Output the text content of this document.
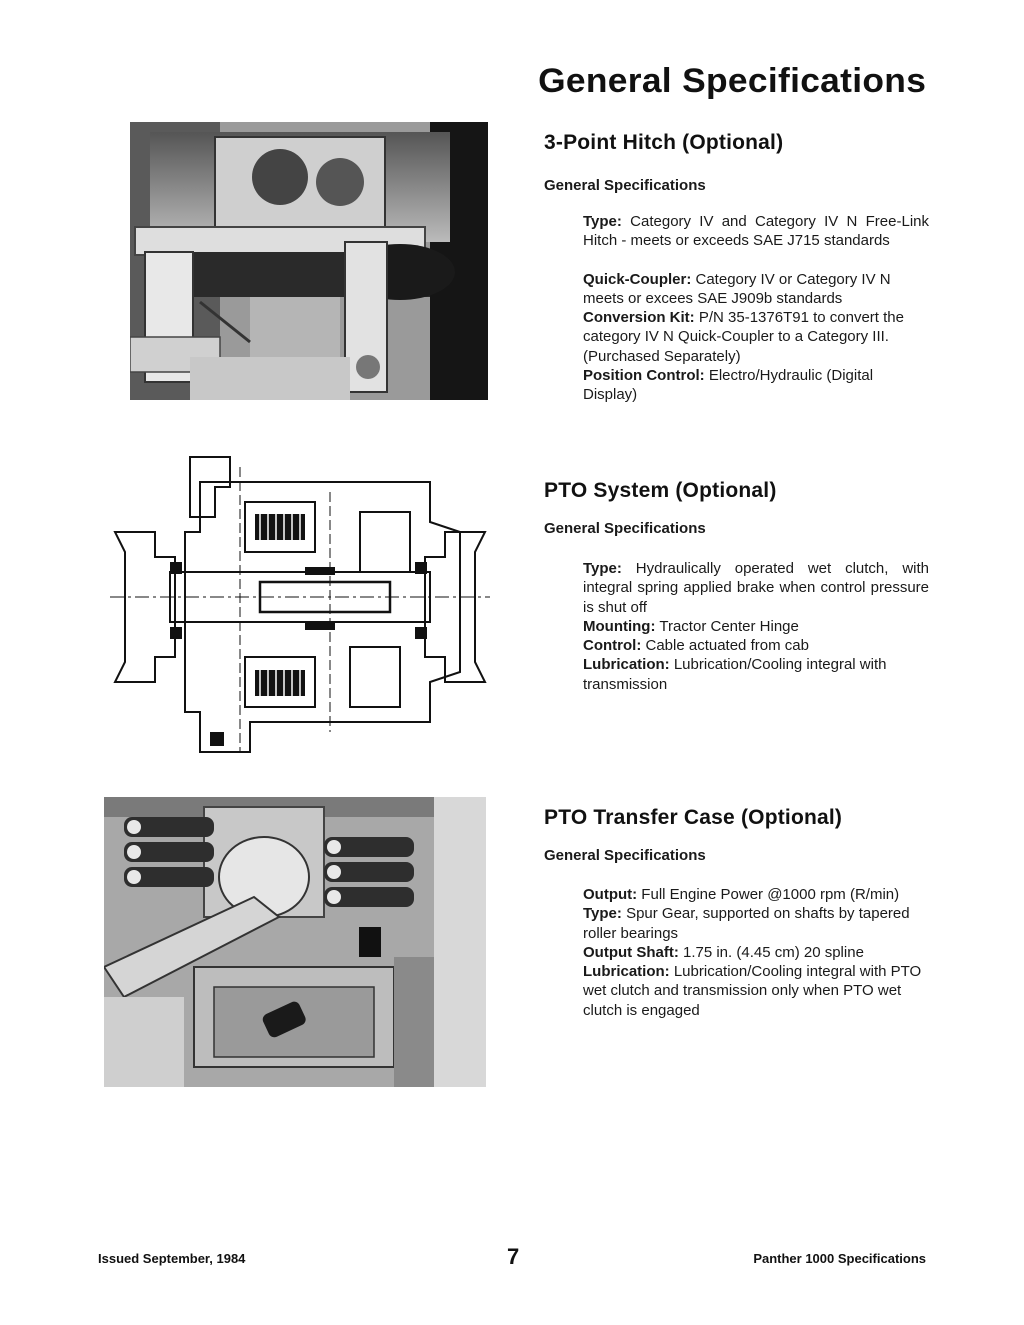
General Specifications
3-Point Hitch (Optional)
General Specifications

Type: Category IV and Category IV N Free-Link Hitch - meets or exceeds SAE J715 standards

Quick-Coupler: Category IV or Category IV N meets or excees SAE J909b standards

Conversion Kit: P/N 35-1376T91 to convert the category IV N Quick-Coupler to a Category III. (Purchased Separately)

Position Control: Electro/Hydraulic (Digital Display)

PTO System (Optional)
General Specifications

Type: Hydraulically operated wet clutch, with integral spring applied brake when control pressure is shut off

Mounting: Tractor Center Hinge

Control: Cable actuated from cab

Lubrication: Lubrication/Cooling integral with transmission

PTO Transfer Case (Optional)
General Specifications

Output: Full Engine Power @1000 rpm (R/min)

Type: Spur Gear, supported on shafts by tapered roller bearings

Output Shaft: 1.75 in. (4.45 cm) 20 spline

Lubrication: Lubrication/Cooling integral with PTO wet clutch and transmission only when PTO wet clutch is engaged

Issued September, 1984	7	Panther 1000 Specifications
